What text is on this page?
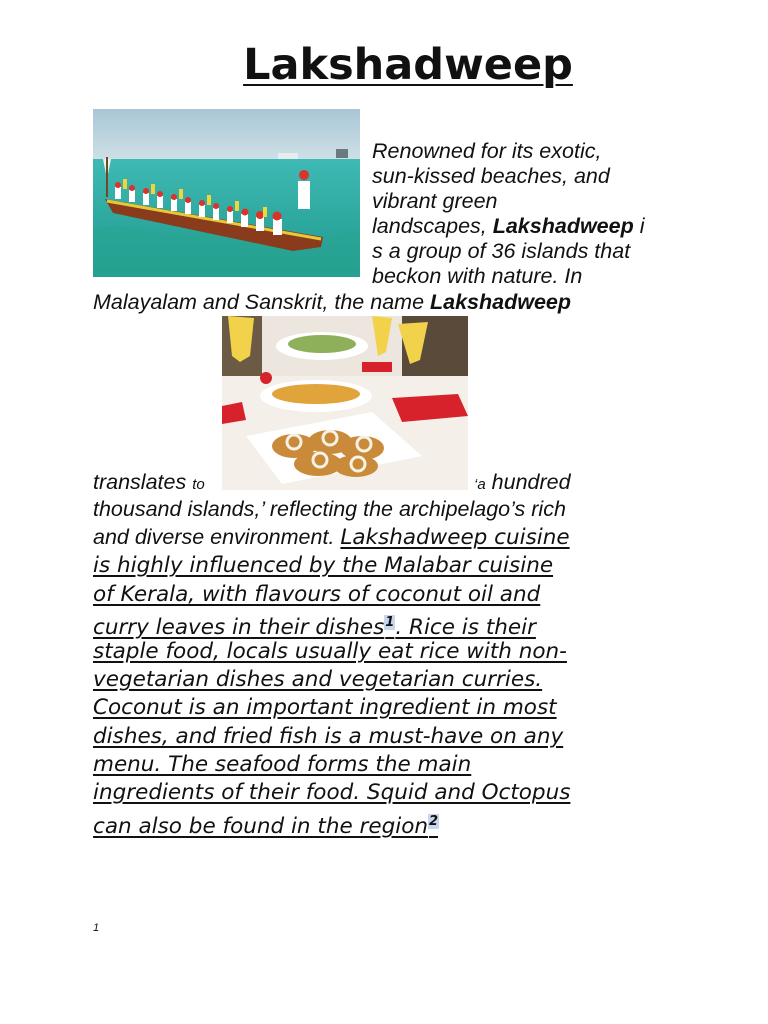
Lakshadweep
Renowned for its exotic,
sun-kissed beaches, and
vibrant green
landscapes, Lakshadweep i
s a group of 36 islands that
beckon with nature. In
Malayalam and Sanskrit, the name Lakshadweep
translates to	‘a hundred
thousand islands,’ reflecting the archipelago’s rich
and diverse environment. Lakshadweep cuisine
is highly influenced by the Malabar cuisine
of Kerala, with flavours of coconut oil and
curry leaves in their dishes$^1$. Rice is their
staple food, locals usually eat rice with non-
vegetarian dishes and vegetarian curries.
Coconut is an important ingredient in most
dishes, and fried fish is a must-have on any
menu. The seafood forms the main
ingredients of their food. Squid and Octopus
can also be found in the region$^2$
1
